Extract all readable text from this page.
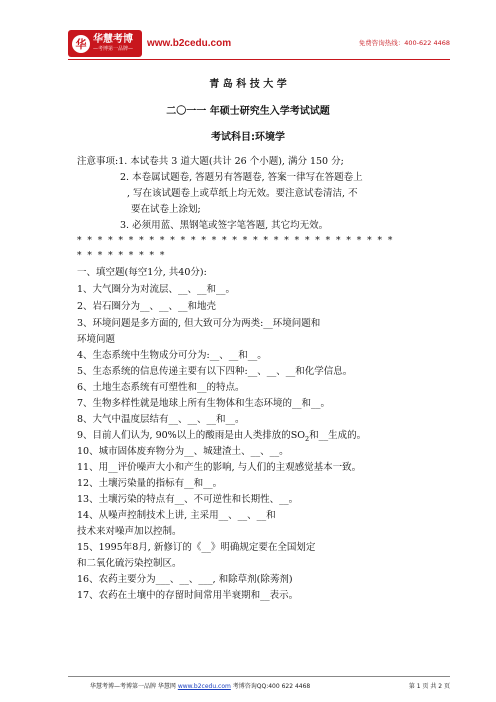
华 华慧考博
—考博第一品牌— www.b2cedu.com	免费咨询热线：400-622 4468
青 岛 科 技 大 学
二〇一一 年硕士研究生入学考试试题
考试科目:环境学
注意事项:1. 本试卷共 3 道大题(共计 26 个小题), 满分 150 分;
2. 本卷属试题卷, 答题另有答题卷, 答案一律写在答题卷上
, 写在该试题卷上或草纸上均无效。要注意试卷清洁, 不
要在试卷上涂划;
3. 必须用蓝、黑钢笔或签字笔答题, 其它均无效。
* * * * * * * * * * * * * * * * * * * * * * * * * * * * * * *
* * * * * * * * *
一、填空题(每空1分, 共40分):
1、大气圈分为对流层、__、__和__。
2、岩石圈分为__、__、__和地壳
3、环境问题是多方面的, 但大致可分为两类:__环境问题和
环境问题
4、生态系统中生物成分可分为:__、__和__。
5、生态系统的信息传递主要有以下四种:__、__、__和化学信息。
6、土地生态系统有可塑性和__的特点。
7、生物多样性就是地球上所有生物体和生态环境的__和__。
8、大气中温度层结有__、__、__和__。
9、目前人们认为, 90%以上的酸雨是由人类排放的$SO_2$和__生成的。
10、城市固体废弃物分为__、城建渣土、__、__。
11、用__评价噪声大小和产生的影响, 与人们的主观感觉基本一致。
12、土壤污染量的指标有__和__。
13、土壤污染的特点有__、不可逆性和长期性、__。
14、从噪声控制技术上讲, 主采用__、__、__和
技术来对噪声加以控制。
15、1995年8月, 新修订的《__》明确规定要在全国划定
和二氧化硫污染控制区。
16、农药主要分为___、__、___, 和除草剂(除莠剂)
17、农药在土壤中的存留时间常用半衰期和__表示。
华慧考博—考博第一品牌 华慧网 www.b2cedu.com 考博咨询QQ:400 622 4468	第 1 页 共 2 页
